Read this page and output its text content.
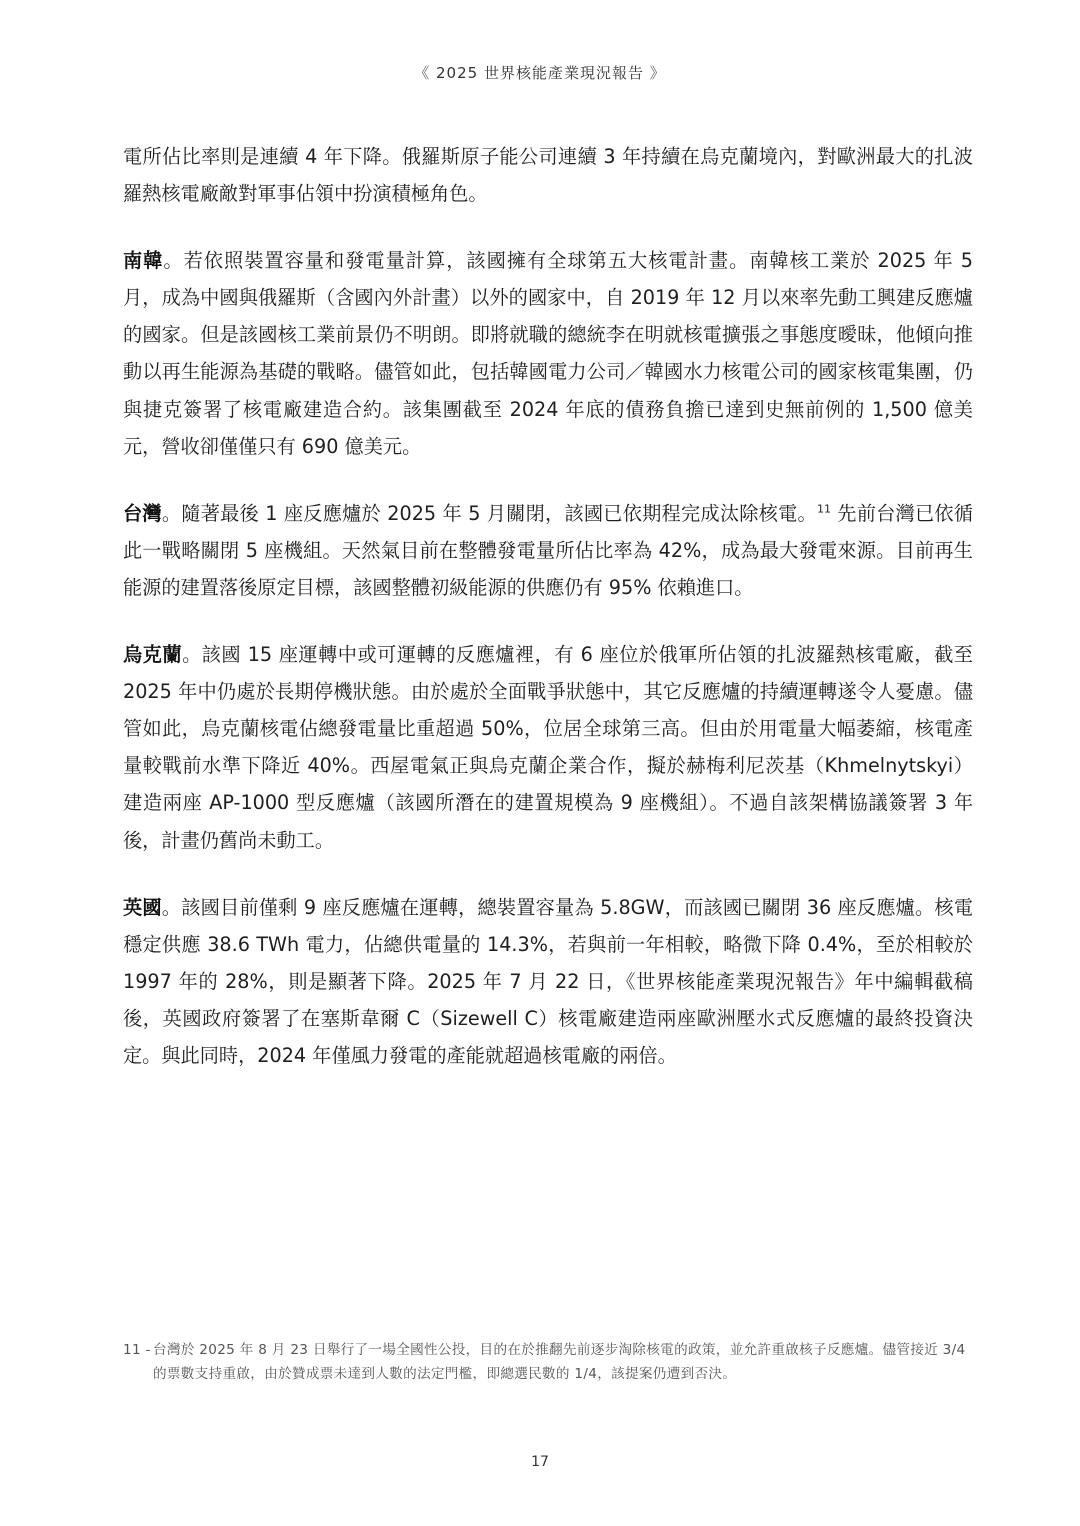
《 2025 世界核能產業現況報告 》

電所佔比率則是連續 4 年下降。俄羅斯原子能公司連續 3 年持續在烏克蘭境內，對歐洲最大的扎波羅熱核電廠敵對軍事佔領中扮演積極角色。

南韓。若依照裝置容量和發電量計算，該國擁有全球第五大核電計畫。南韓核工業於 2025 年 5 月，成為中國與俄羅斯（含國內外計畫）以外的國家中，自 2019 年 12 月以來率先動工興建反應爐的國家。但是該國核工業前景仍不明朗。即將就職的總統李在明就核電擴張之事態度曖昧，他傾向推動以再生能源為基礎的戰略。儘管如此，包括韓國電力公司／韓國水力核電公司的國家核電集團，仍與捷克簽署了核電廠建造合約。該集團截至 2024 年底的債務負擔已達到史無前例的 1,500 億美元，營收卻僅僅只有 690 億美元。

台灣。隨著最後 1 座反應爐於 2025 年 5 月關閉，該國已依期程完成汰除核電。$^{11}$ 先前台灣已依循此一戰略關閉 5 座機組。天然氣目前在整體發電量所佔比率為 42%，成為最大發電來源。目前再生能源的建置落後原定目標，該國整體初級能源的供應仍有 95% 依賴進口。

烏克蘭。該國 15 座運轉中或可運轉的反應爐裡，有 6 座位於俄軍所佔領的扎波羅熱核電廠，截至 2025 年中仍處於長期停機狀態。由於處於全面戰爭狀態中，其它反應爐的持續運轉遂令人憂慮。儘管如此，烏克蘭核電佔總發電量比重超過 50%，位居全球第三高。但由於用電量大幅萎縮，核電產量較戰前水準下降近 40%。西屋電氣正與烏克蘭企業合作，擬於赫梅利尼茨基（Khmelnytskyi） 建造兩座 AP-1000 型反應爐（該國所潛在的建置規模為 9 座機組）。不過自該架構協議簽署 3 年後，計畫仍舊尚未動工。

英國。該國目前僅剩 9 座反應爐在運轉，總裝置容量為 5.8GW，而該國已關閉 36 座反應爐。核電穩定供應 38.6 TWh 電力，佔總供電量的 14.3%，若與前一年相較，略微下降 0.4%，至於相較於 1997 年的 28%，則是顯著下降。2025 年 7 月 22 日，《世界核能產業現況報告》年中編輯截稿後，英國政府簽署了在塞斯韋爾 C（Sizewell C）核電廠建造兩座歐洲壓水式反應爐的最終投資決定。與此同時，2024 年僅風力發電的產能就超過核電廠的兩倍。

11 - 台灣於 2025 年 8 月 23 日舉行了一場全國性公投，目的在於推翻先前逐步淘除核電的政策，並允許重啟核子反應爐。儘管接近 3/4 的票數支持重啟，由於贊成票未達到人數的法定門檻，即總選民數的 1/4，該提案仍遭到否決。
17
